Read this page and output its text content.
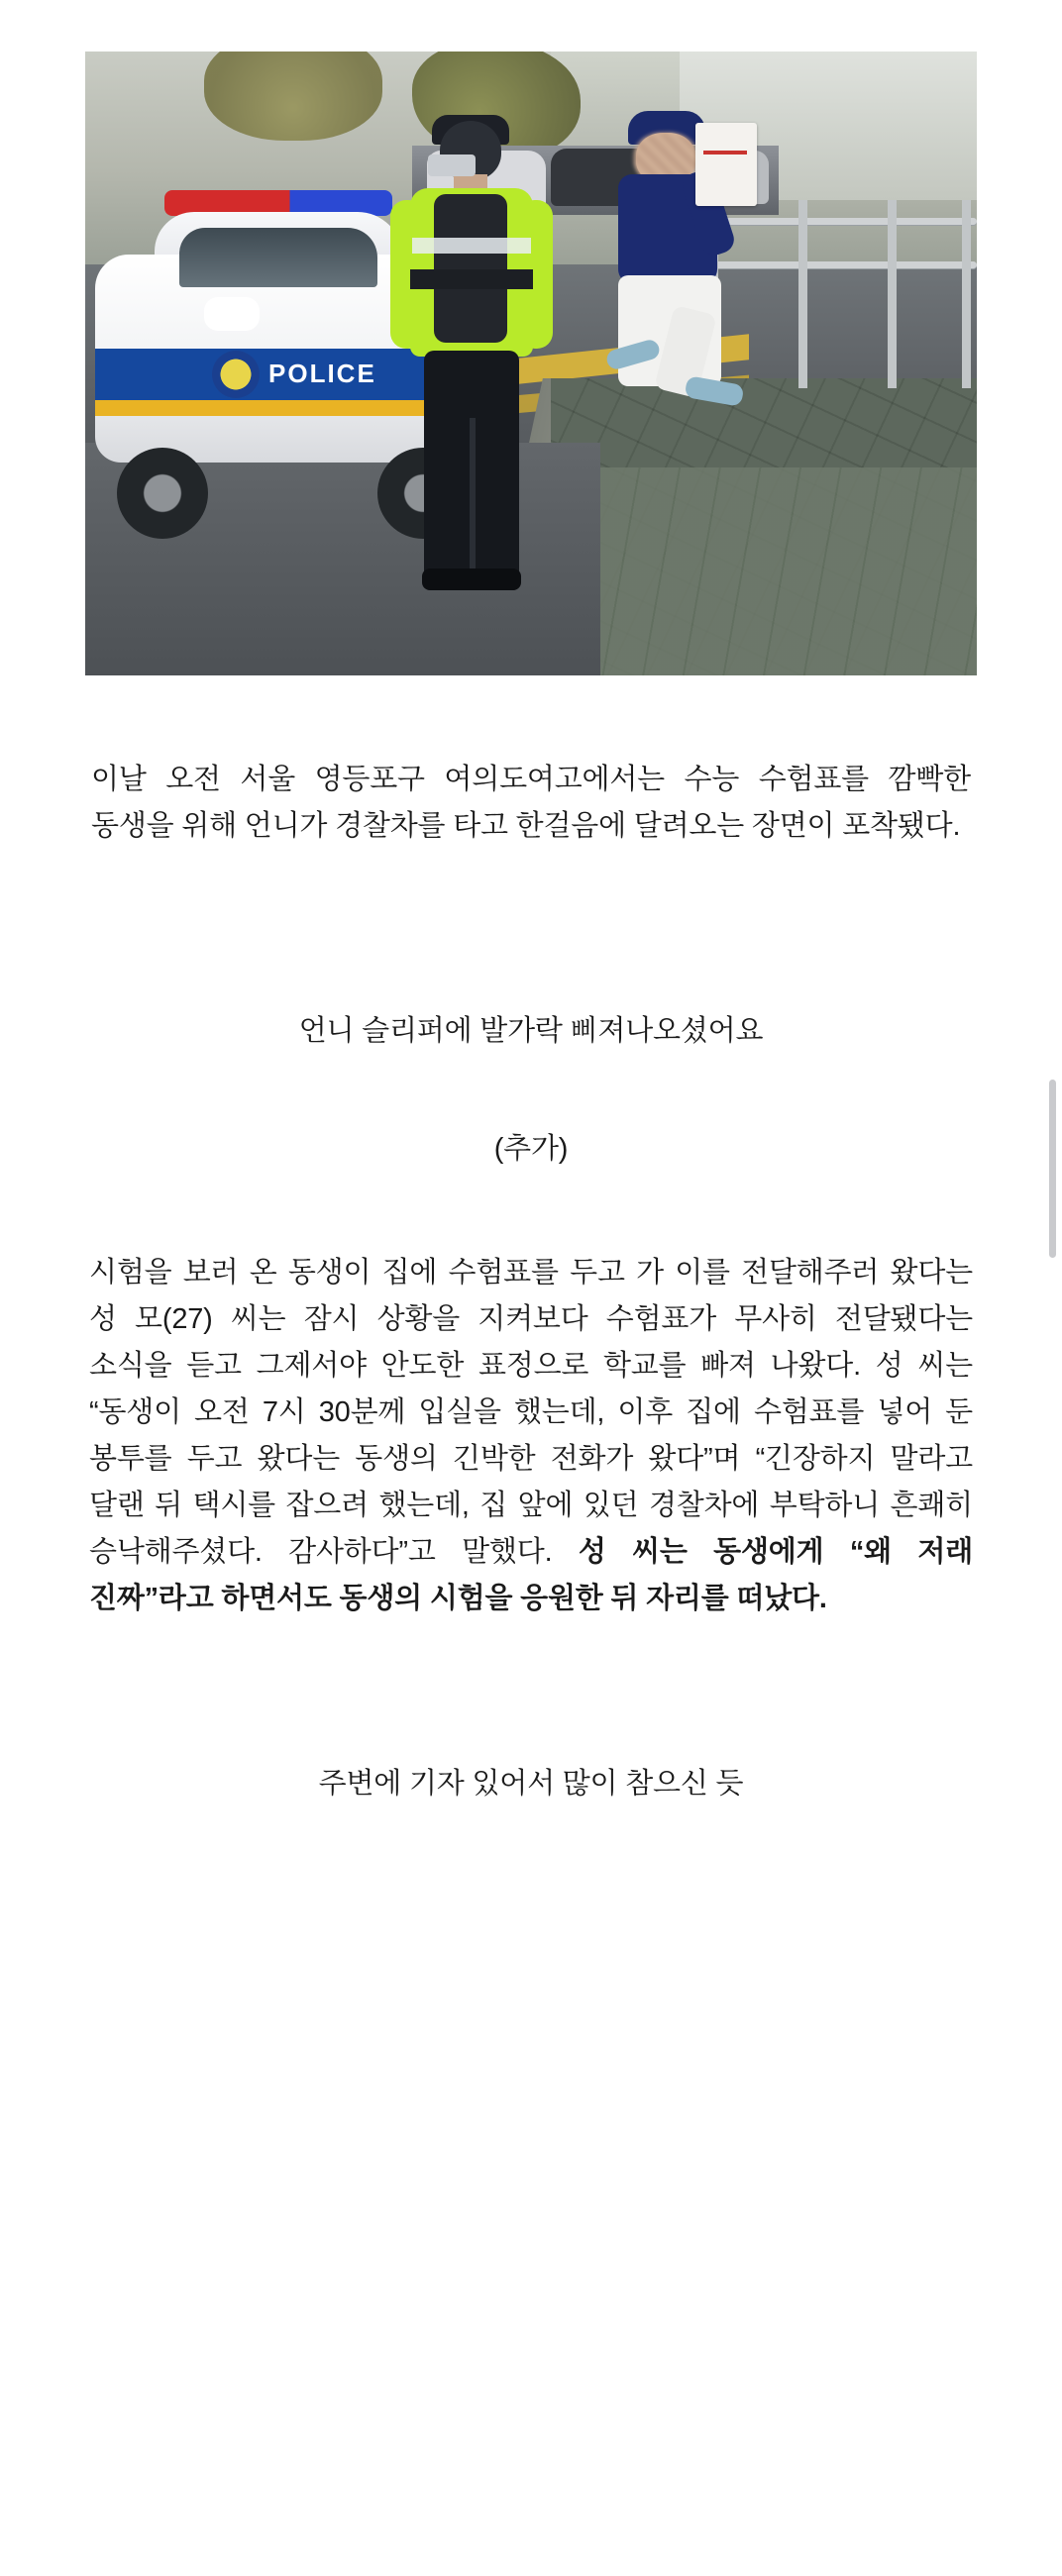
POLICE

이날 오전 서울 영등포구 여의도여고에서는 수능 수험표를 깜빡한 동생을 위해 언니가 경찰차를 타고 한걸음에 달려오는 장면이 포착됐다.

언니 슬리퍼에 발가락 삐져나오셨어요
(추가)

시험을 보러 온 동생이 집에 수험표를 두고 가 이를 전달해주러 왔다는 성 모(27) 씨는 잠시 상황을 지켜보다 수험표가 무사히 전달됐다는 소식을 듣고 그제서야 안도한 표정으로 학교를 빠져 나왔다. 성 씨는 “동생이 오전 7시 30분께 입실을 했는데, 이후 집에 수험표를 넣어 둔 봉투를 두고 왔다는 동생의 긴박한 전화가 왔다”며 “긴장하지 말라고 달랜 뒤 택시를 잡으려 했는데, 집 앞에 있던 경찰차에 부탁하니 흔쾌히 승낙해주셨다. 감사하다”고 말했다. 성 씨는 동생에게 “왜 저래 진짜”라고 하면서도 동생의 시험을 응원한 뒤 자리를 떠났다.

주변에 기자 있어서 많이 참으신 듯
